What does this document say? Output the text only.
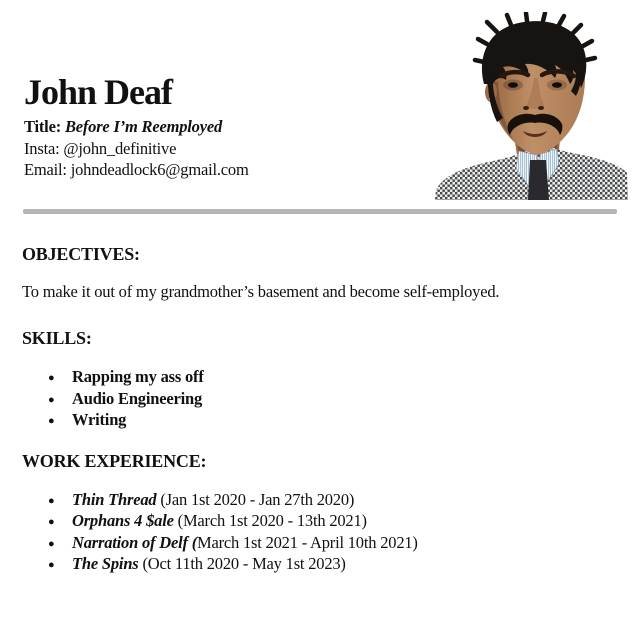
John Deaf

Title: Before I’m Reemployed

Insta: @john_definitive

Email: johndeadlock6@gmail.com

OBJECTIVES:

To make it out of my grandmother’s basement and become self-employed.

SKILLS:
● Rapping my ass off
● Audio Engineering
● Writing
WORK EXPERIENCE:
● Thin Thread (Jan 1st 2020 - Jan 27th 2020)
● Orphans 4 $ale (March 1st 2020 - 13th 2021)
● Narration of Delf (March 1st 2021 - April 10th 2021)
● The Spins (Oct 11th 2020 - May 1st 2023)
